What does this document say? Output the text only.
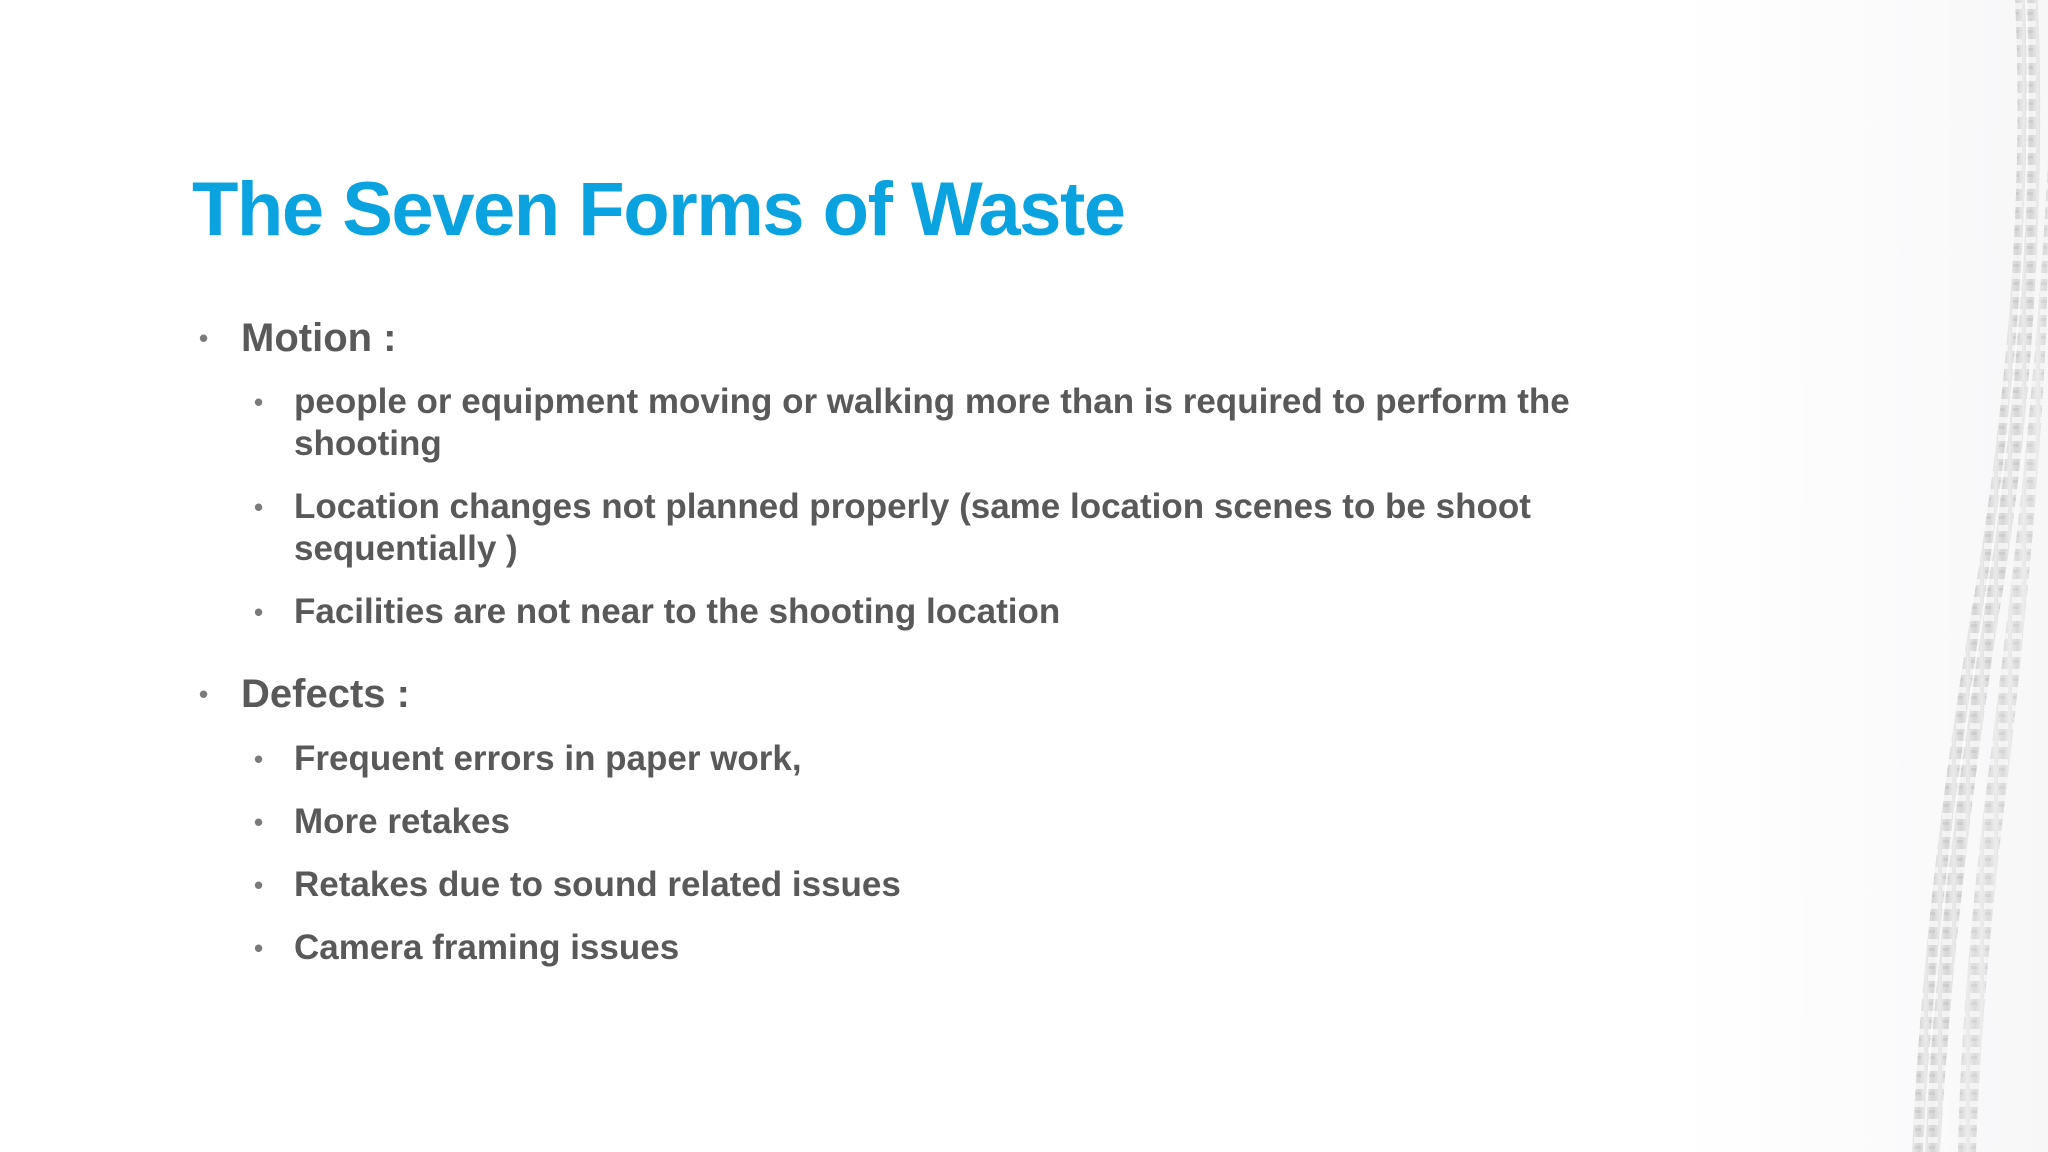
The Seven Forms of Waste
• Motion :
• people or equipment moving or walking more than is required to perform the shooting
• Location changes not planned properly (same location scenes to be shoot sequentially )
• Facilities are not near to the shooting location
• Defects :
• Frequent errors in paper work,
• More retakes
• Retakes due to sound related issues
• Camera framing issues
